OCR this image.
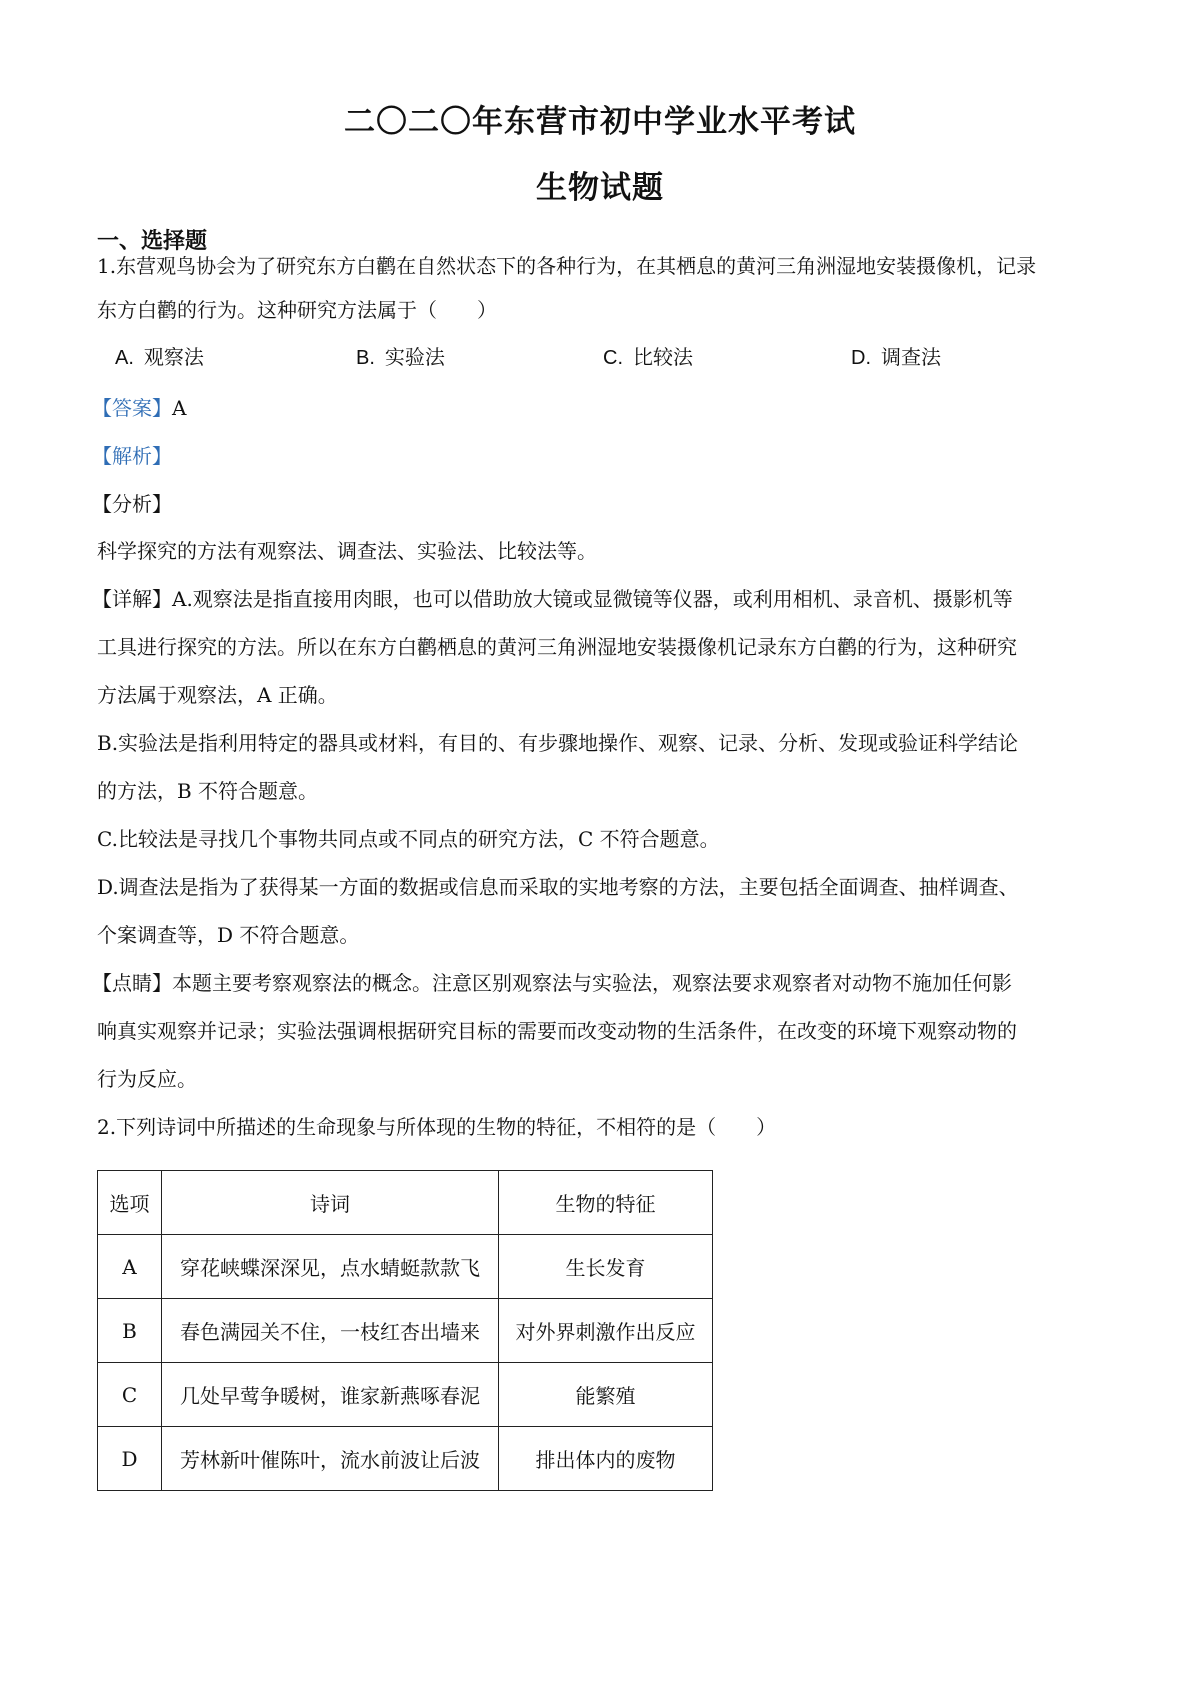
二〇二〇年东营市初中学业水平考试
生物试题
一、选择题

1.东营观鸟协会为了研究东方白鹳在自然状态下的各种行为，在其栖息的黄河三角洲湿地安装摄像机，记录

东方白鹳的行为。这种研究方法属于（　　）

A. 观察法	B. 实验法	C. 比较法	D. 调查法

【答案】A

【解析】

【分析】

科学探究的方法有观察法、调查法、实验法、比较法等。

【详解】A.观察法是指直接用肉眼，也可以借助放大镜或显微镜等仪器，或利用相机、录音机、摄影机等

工具进行探究的方法。所以在东方白鹳栖息的黄河三角洲湿地安装摄像机记录东方白鹳的行为，这种研究

方法属于观察法，A 正确。

B.实验法是指利用特定的器具或材料，有目的、有步骤地操作、观察、记录、分析、发现或验证科学结论

的方法，B 不符合题意。

C.比较法是寻找几个事物共同点或不同点的研究方法，C 不符合题意。

D.调查法是指为了获得某一方面的数据或信息而采取的实地考察的方法，主要包括全面调查、抽样调查、

个案调查等，D 不符合题意。

【点睛】本题主要考察观察法的概念。注意区别观察法与实验法，观察法要求观察者对动物不施加任何影

响真实观察并记录；实验法强调根据研究目标的需要而改变动物的生活条件，在改变的环境下观察动物的

行为反应。

2.下列诗词中所描述的生命现象与所体现的生物的特征，不相符的是（　　）

选项	诗词	生物的特征
A	穿花峡蝶深深见，点水蜻蜓款款飞	生长发育
B	春色满园关不住，一枝红杏出墙来	对外界刺激作出反应
C	几处早莺争暖树，谁家新燕啄春泥	能繁殖
D	芳林新叶催陈叶，流水前波让后波	排出体内的废物
